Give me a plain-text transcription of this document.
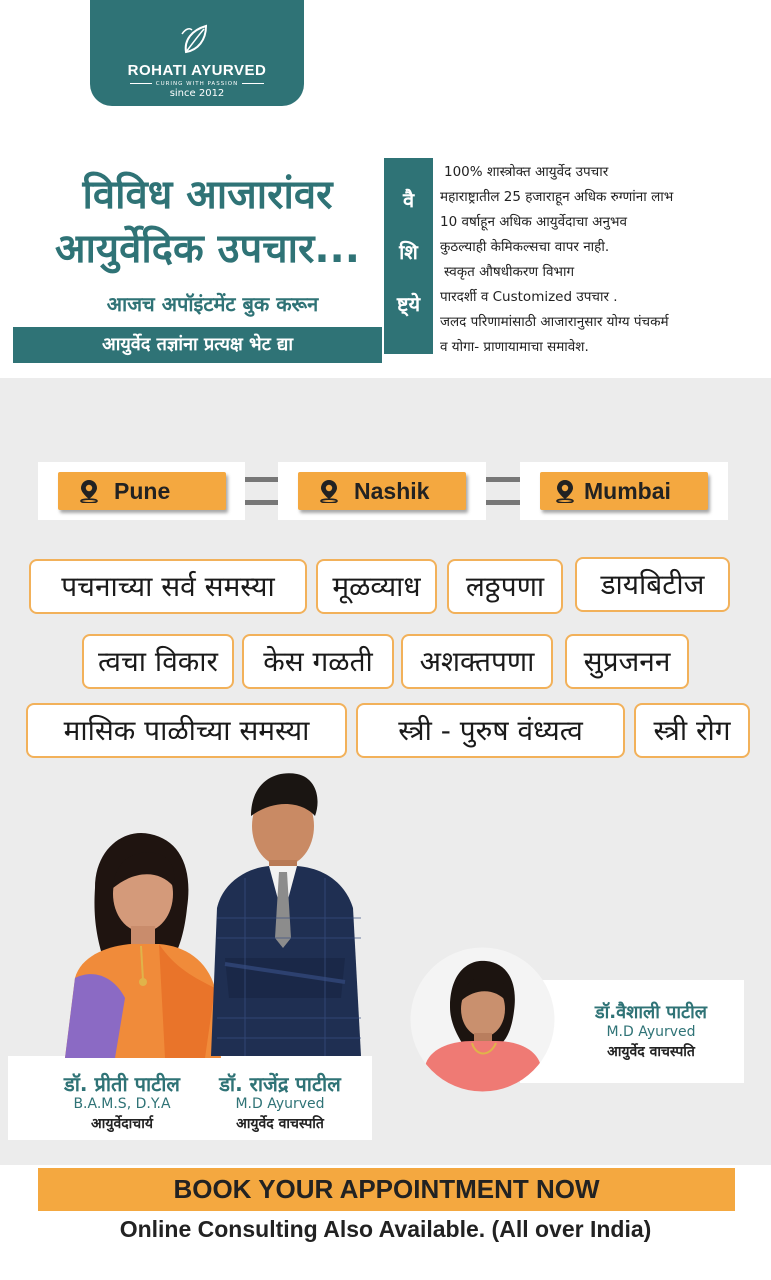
ROHATI AYURVED
CURING WITH PASSION
since 2012
विविध आजारांवर
आयुर्वेदिक उपचार...
आजच अपॉइंटमेंट बुक करून
आयुर्वेद तज्ञांना प्रत्यक्ष भेट द्या
वै
शि
ष्ट्ये
100% शास्त्रोक्त आयुर्वेद उपचार
महाराष्ट्रातील 25 हजाराहून अधिक रुग्णांना लाभ
10 वर्षाहून अधिक आयुर्वेदाचा अनुभव
कुठल्याही केमिकल्सचा वापर नाही.
स्वकृत औषधीकरण विभाग
पारदर्शी व Customized उपचार .
जलद परिणामांसाठी आजारानुसार योग्य पंचकर्म
व योगा- प्राणायामाचा समावेश.
Pune	Nashik	Mumbai
पचनाच्या सर्व समस्या	मूळव्याध	लठ्ठपणा	डायबिटीज
त्वचा विकार	केस गळती	अशक्तपणा	सुप्रजनन
मासिक पाळीच्या समस्या	स्त्री - पुरुष वंध्यत्व	स्त्री रोग
डॉ. प्रीती पाटील
B.A.M.S, D.Y.A
आयुर्वेदाचार्य
डॉ. राजेंद्र पाटील
M.D Ayurved
आयुर्वेद वाचस्पति
डॉ.वैशाली पाटील
M.D Ayurved
आयुर्वेद वाचस्पति
BOOK YOUR APPOINTMENT NOW
Online Consulting Also Available. (All over India)
